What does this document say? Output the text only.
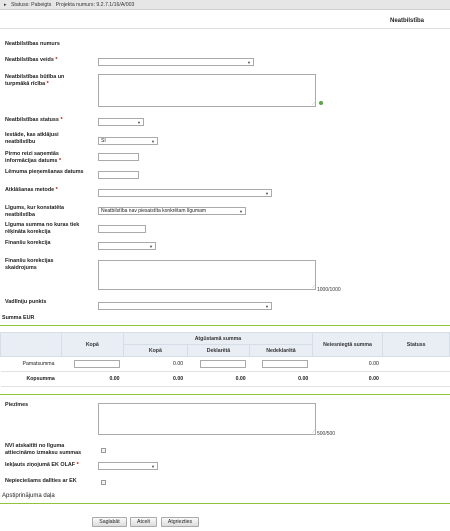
▸ Statuss: Pabeigts Projekta numurs: 9.2.7.1/16/A/003
Neatbilstība
Neatbilstības numurs
Neatbilstības veids *	▼
Neatbilstības būtība un turpmākā rīcība *
⟋
Neatbilstības statuss *	▼
Iestāde, kas atklājusi neatbilstību	SI	▼
Pirmo reizi saņemtās informācijas datums *
Lēmuma pieņemšanas datums
Atklāšanas metode *
▼
Līgums, kur konstatēta neatbilstība
Neatbilstība nav piesaistīta konkrētam līgumam	▼
Līguma summa no kuras tiek rēķināta korekcija
Finanšu korekcija
▼
Finanšu korekcijas skaidrojums
⟋
1000/1000
Vadlīniju punkts
▼
Summa EUR
	Kopā	Atgūstamā summa			Neiesniegtā summa	Statuss
		Kopā	Deklarētā	Nedeklarētā		
Pamatsumma		0.00			0.00	
Kopsumma	0.00	0.00	0.00	0.00	0.00	
Piezīmes
⟋ 500/500
NVI atskaitīti no līguma attiecināmo izmaksu summas
Iekļauts ziņojumā EK OLAF *	▼
Nepieciešams dalīties ar EK
Apstiprinājuma daļa
Saglabāt	Atcelt	Atgriezties
